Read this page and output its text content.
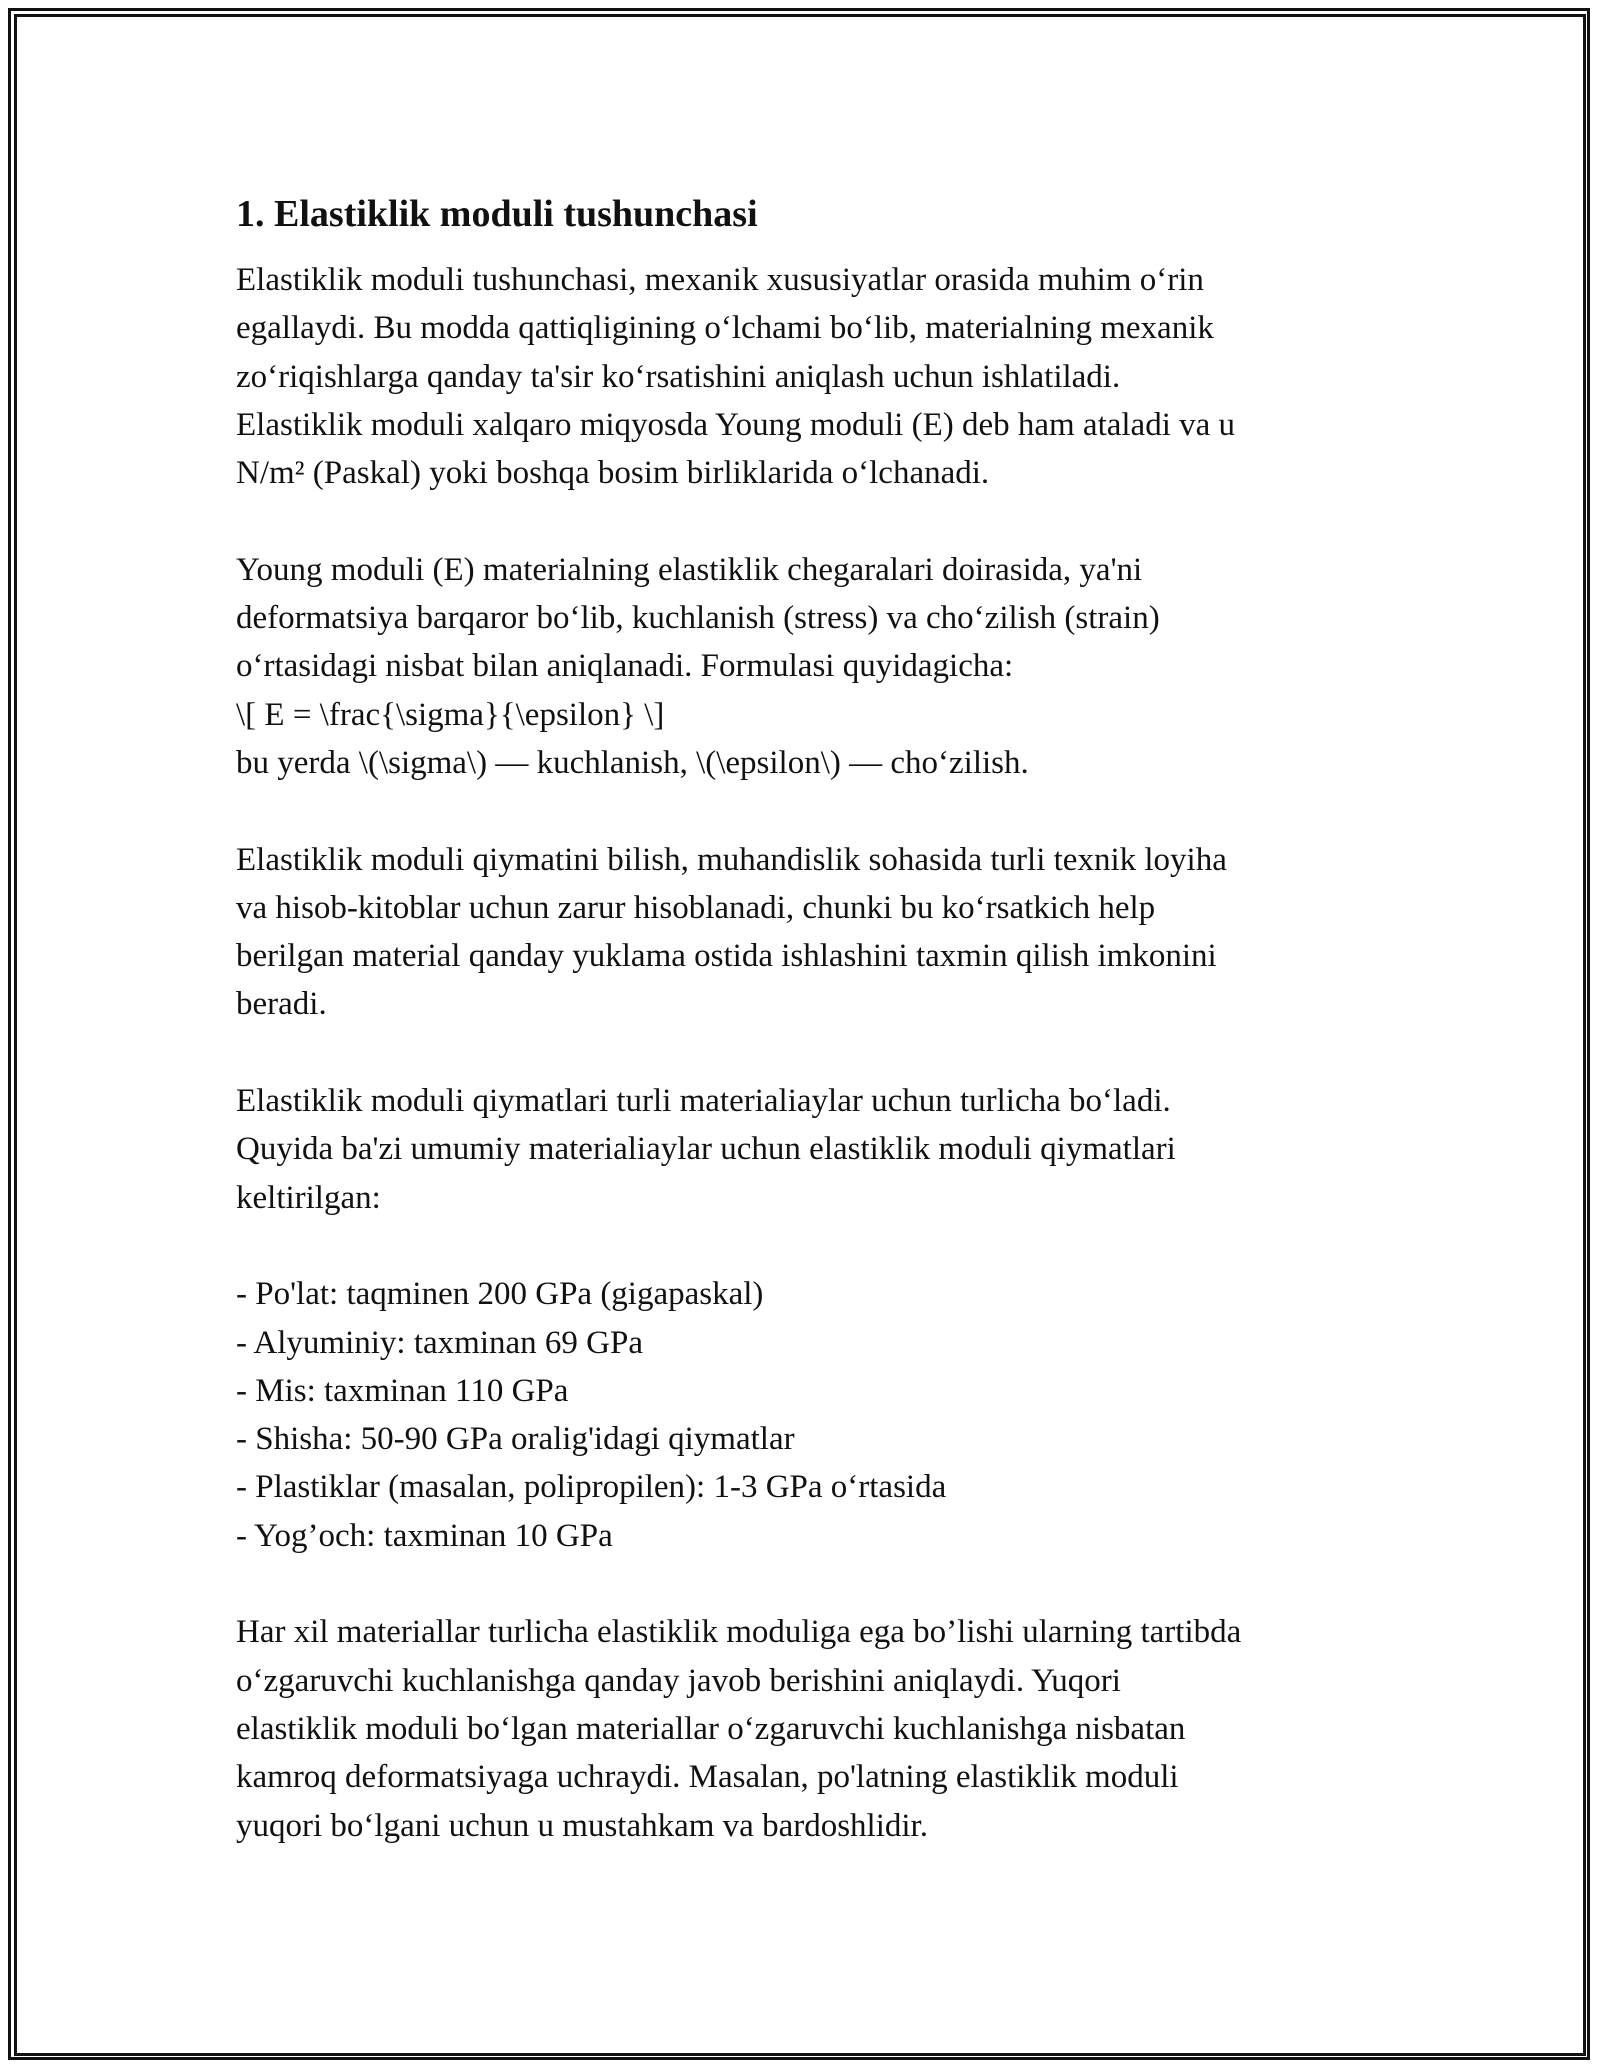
1. Elastiklik moduli tushunchasi

Elastiklik moduli tushunchasi, mexanik xususiyatlar orasida muhim o‘rin
egallaydi. Bu modda qattiqligining o‘lchami bo‘lib, materialning mexanik
zo‘riqishlarga qanday ta'sir ko‘rsatishini aniqlash uchun ishlatiladi.
Elastiklik moduli xalqaro miqyosda Young moduli (E) deb ham ataladi va u
N/m² (Paskal) yoki boshqa bosim birliklarida o‘lchanadi.

Young moduli (E) materialning elastiklik chegaralari doirasida, ya'ni
deformatsiya barqaror bo‘lib, kuchlanish (stress) va cho‘zilish (strain)
o‘rtasidagi nisbat bilan aniqlanadi. Formulasi quyidagicha:
\[ E = \frac{\sigma}{\epsilon} \]
bu yerda \(\sigma\) — kuchlanish, \(\epsilon\) — cho‘zilish.

Elastiklik moduli qiymatini bilish, muhandislik sohasida turli texnik loyiha
va hisob-kitoblar uchun zarur hisoblanadi, chunki bu ko‘rsatkich help
berilgan material qanday yuklama ostida ishlashini taxmin qilish imkonini
beradi.

Elastiklik moduli qiymatlari turli materialiaylar uchun turlicha bo‘ladi.
Quyida ba'zi umumiy materialiaylar uchun elastiklik moduli qiymatlari
keltirilgan:

- Po'lat: taqminen 200 GPa (gigapaskal)
- Alyuminiy: taxminan 69 GPa
- Mis: taxminan 110 GPa
- Shisha: 50-90 GPa oralig'idagi qiymatlar
- Plastiklar (masalan, polipropilen): 1-3 GPa o‘rtasida
- Yog’och: taxminan 10 GPa

Har xil materiallar turlicha elastiklik moduliga ega bo’lishi ularning tartibda
o‘zgaruvchi kuchlanishga qanday javob berishini aniqlaydi. Yuqori
elastiklik moduli bo‘lgan materiallar o‘zgaruvchi kuchlanishga nisbatan
kamroq deformatsiyaga uchraydi. Masalan, po'latning elastiklik moduli
yuqori bo‘lgani uchun u mustahkam va bardoshlidir.
